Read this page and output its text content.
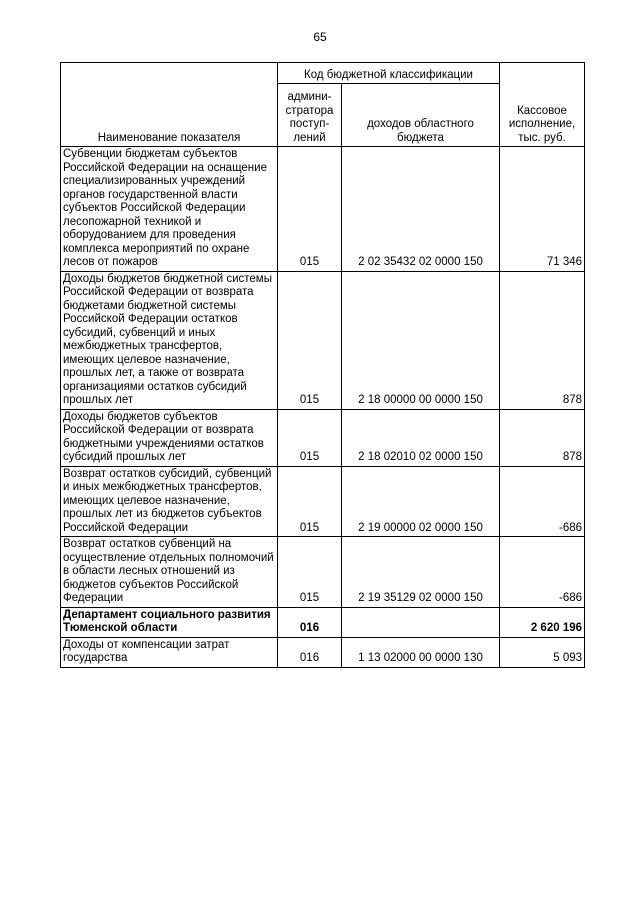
65
Наименование показателя	Код бюджетной классификации		Кассовое исполнение, тыс. руб.
	админи-стратора поступ-лений	доходов областного бюджета	
Субвенции бюджетам субъектов Российской Федерации на оснащение специализированных учреждений органов государственной власти субъектов Российской Федерации лесопожарной техникой и оборудованием для проведения комплекса мероприятий по охране лесов от пожаров	015	2 02 35432 02 0000 150	71 346
Доходы бюджетов бюджетной системы Российской Федерации от возврата бюджетами бюджетной системы Российской Федерации остатков субсидий, субвенций и иных межбюджетных трансфертов, имеющих целевое назначение, прошлых лет, а также от возврата организациями остатков субсидий прошлых лет	015	2 18 00000 00 0000 150	878

Доходы бюджетов субъектов Российской Федерации от возврата бюджетными учреждениями остатков субсидий прошлых лет	015	2 18 02010 02 0000 150	878
Возврат остатков субсидий, субвенций и иных межбюджетных трансфертов, имеющих целевое назначение, прошлых лет из бюджетов субъектов Российской Федерации	015	2 19 00000 02 0000 150	-686
Возврат остатков субвенций на осуществление отдельных полномочий в области лесных отношений из бюджетов субъектов Российской Федерации	015	2 19 35129 02 0000 150	-686
Департамент социального развития Тюменской области	016		2 620 196
Доходы от компенсации затрат государства	016	1 13 02000 00 0000 130	5 093
